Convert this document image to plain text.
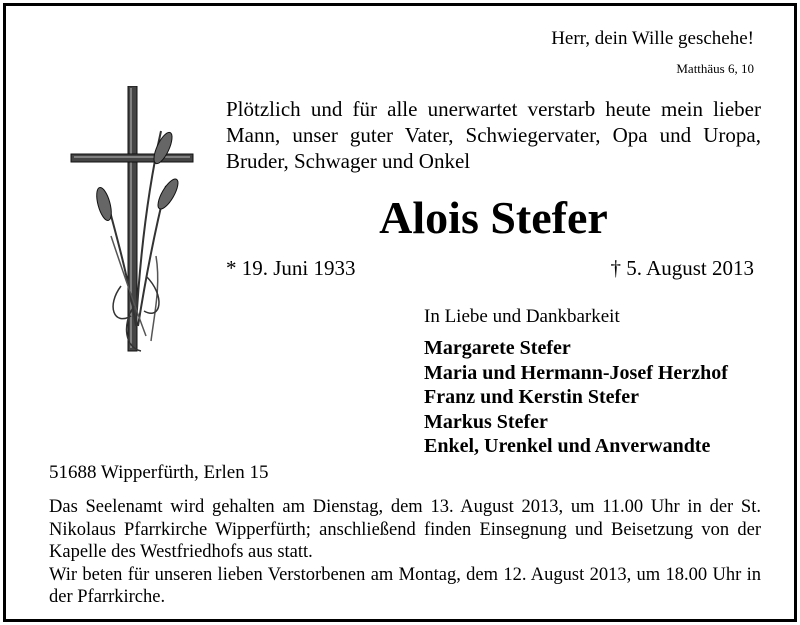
Herr, dein Wille geschehe!
Matthäus 6, 10
Plötzlich und für alle unerwartet verstarb heute mein lieber Mann, unser guter Vater, Schwiegervater, Opa und Uropa, Bruder, Schwager und Onkel
Alois Stefer
* 19. Juni 1933	† 5. August 2013
In Liebe und Dankbarkeit
Margarete Stefer
Maria und Hermann-Josef Herzhof
Franz und Kerstin Stefer
Markus Stefer
Enkel, Urenkel und Anverwandte
51688 Wipperfürth, Erlen 15

Das Seelenamt wird gehalten am Dienstag, dem 13. August 2013, um 11.00 Uhr in der St. Nikolaus Pfarrkirche Wipperfürth; anschließend finden Einsegnung und Beisetzung von der Kapelle des Westfriedhofs aus statt.

Wir beten für unseren lieben Verstorbenen am Montag, dem 12. August 2013, um 18.00 Uhr in der Pfarrkirche.
